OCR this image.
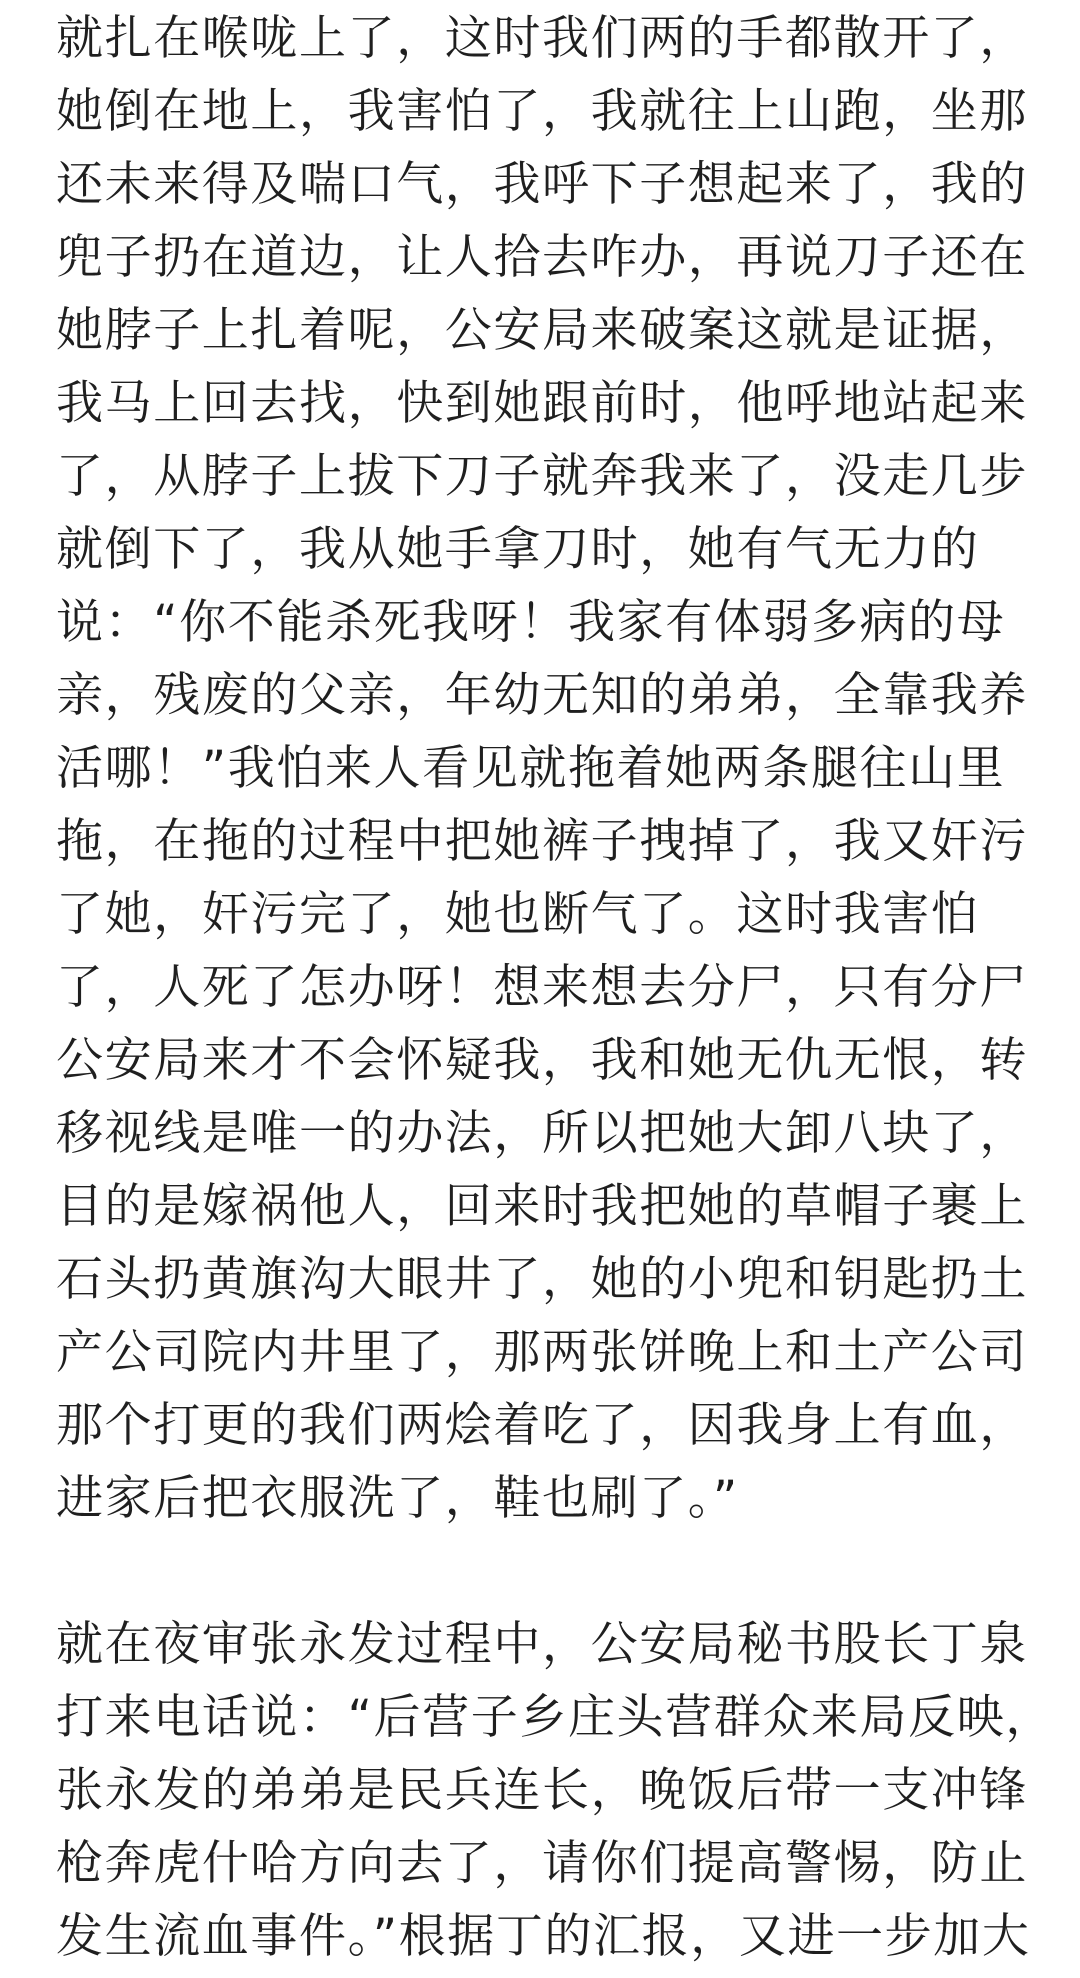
就扎在喉咙上了，这时我们两的手都散开了，
她倒在地上，我害怕了，我就往上山跑，坐那
还未来得及喘口气，我呼下子想起来了，我的
兜子扔在道边，让人拾去咋办，再说刀子还在
她脖子上扎着呢，公安局来破案这就是证据，
我马上回去找，快到她跟前时，他呼地站起来
了，从脖子上拔下刀子就奔我来了，没走几步
就倒下了，我从她手拿刀时，她有气无力的
说：“你不能杀死我呀！我家有体弱多病的母
亲，残废的父亲，年幼无知的弟弟，全靠我养
活哪！”我怕来人看见就拖着她两条腿往山里
拖，在拖的过程中把她裤子拽掉了，我又奸污
了她，奸污完了，她也断气了。这时我害怕
了，人死了怎办呀！想来想去分尸，只有分尸
公安局来才不会怀疑我，我和她无仇无恨，转
移视线是唯一的办法，所以把她大卸八块了，
目的是嫁祸他人，回来时我把她的草帽子裹上
石头扔黄旗沟大眼井了，她的小兜和钥匙扔土
产公司院内井里了，那两张饼晚上和土产公司
那个打更的我们两烩着吃了，因我身上有血，
进家后把衣服洗了，鞋也刷了。”
就在夜审张永发过程中，公安局秘书股长丁泉
打来电话说：“后营子乡庄头营群众来局反映，
张永发的弟弟是民兵连长，晚饭后带一支冲锋
枪奔虎什哈方向去了，请你们提高警惕，防止
发生流血事件。”根据丁的汇报，又进一步加大
